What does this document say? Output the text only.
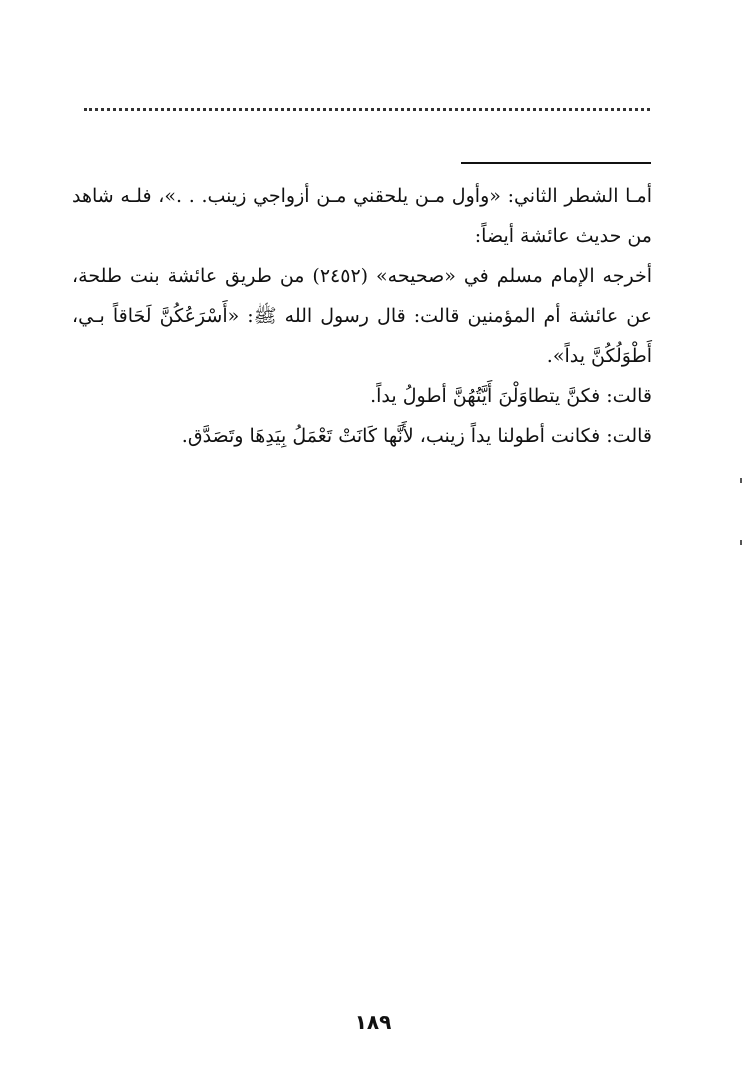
أمـا الشطر الثاني: «وأول مـن يلحقني مـن أزواجي زينب. . .»، فلـه شاهد من حديث عائشة أيضاً:

أخرجه الإمام مسلم في «صحيحه» (٢٤٥٢) من طريق عائشة بنت طلحة، عن عائشة أم المؤمنين قالت: قال رسول الله ﷺ: «أَسْرَعُكُنَّ لَحَاقاً بـي، أَطْوَلُكُنَّ يداً».

قالت: فكنَّ يتطاوَلْنَ أَيَّتُهُنَّ أطولُ يداً.

قالت: فكانت أطولنا يداً زينب، لأَنَّها كَانَتْ تَعْمَلُ بِيَدِهَا وتَصَدَّق.

١٨٩
